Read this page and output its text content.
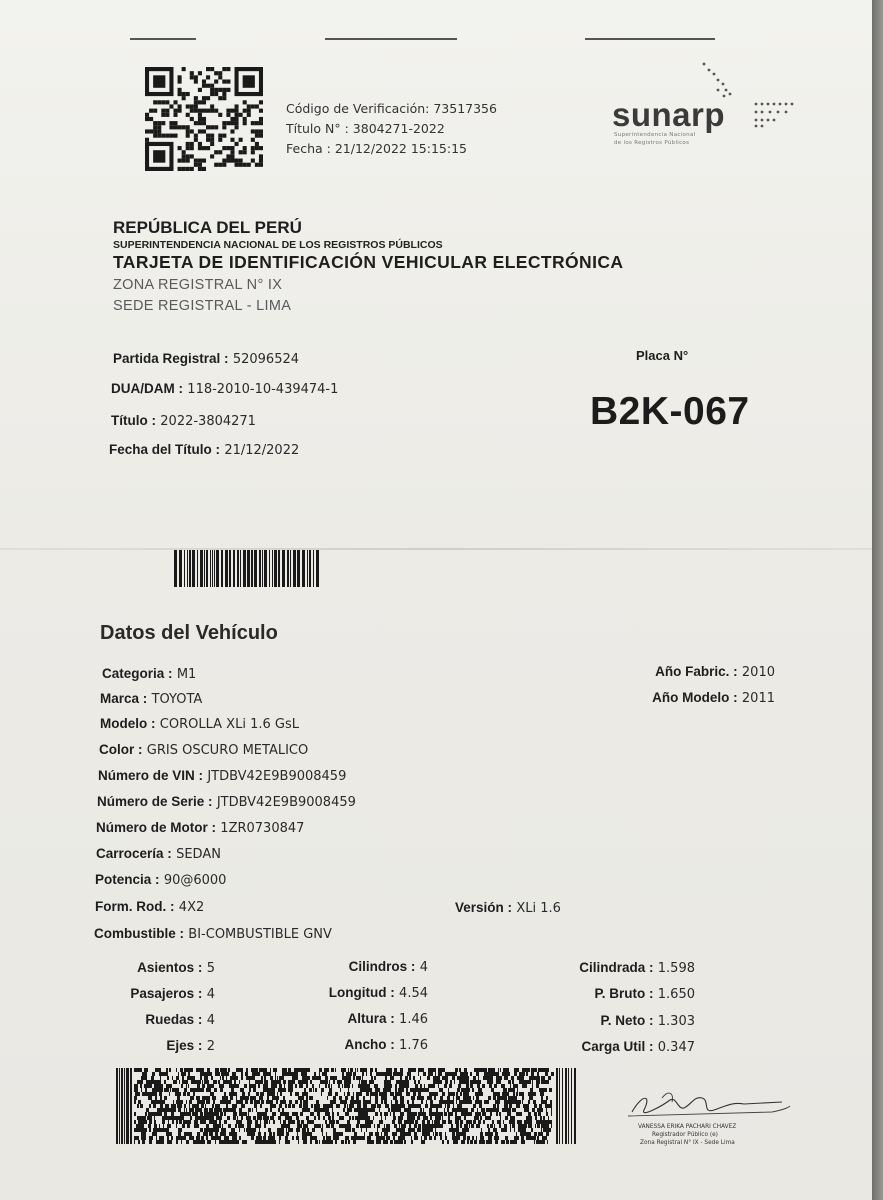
Código de Verificación: 73517356
Título N° : 3804271-2022
Fecha : 21/12/2022 15:15:15
sunarp
Superintendencia Nacional
de los Registros Públicos
REPÚBLICA DEL PERÚ
SUPERINTENDENCIA NACIONAL DE LOS REGISTROS PÚBLICOS
TARJETA DE IDENTIFICACIÓN VEHICULAR ELECTRÓNICA
ZONA REGISTRAL N° IX
SEDE REGISTRAL - LIMA
Partida Registral : 52096524
DUA/DAM : 118-2010-10-439474-1
Título : 2022-3804271
Fecha del Título : 21/12/2022
Placa N°
B2K-067
Datos del Vehículo
Categoria : M1
Marca : TOYOTA
Modelo : COROLLA XLi 1.6 GsL
Color : GRIS OSCURO METALICO
Número de VIN : JTDBV42E9B9008459
Número de Serie : JTDBV42E9B9008459
Número de Motor : 1ZR0730847
Carrocería : SEDAN
Potencia : 90@6000
Form. Rod. : 4X2	Versión : XLi 1.6
Combustible : BI-COMBUSTIBLE GNV
Año Fabric. : 2010
Año Modelo : 2011
Asientos : 5
Pasajeros : 4
Ruedas : 4
Ejes : 2
Cilindros : 4
Longitud : 4.54
Altura : 1.46
Ancho : 1.76
Cilindrada : 1.598
P. Bruto : 1.650
P. Neto : 1.303
Carga Util : 0.347
VANESSA ERIKA PACHARI CHAVEZ
Registrador Público (e)
Zona Registral N° IX - Sede Lima
